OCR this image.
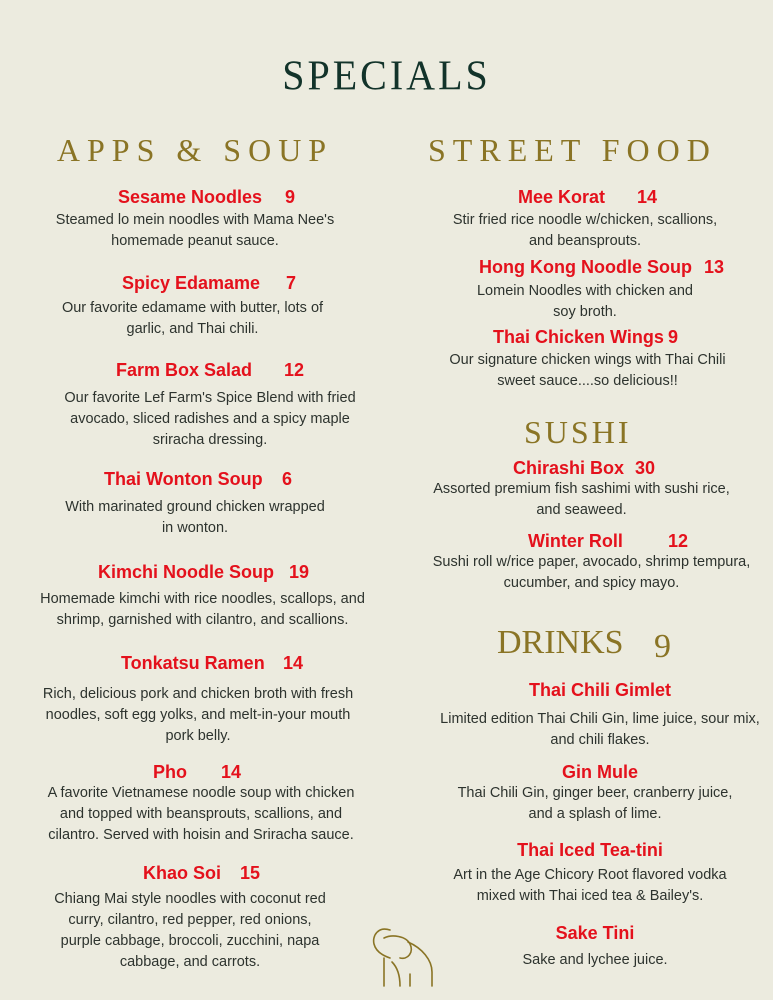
SPECIALS
APPS & SOUP
Sesame Noodles 9
Steamed lo mein noodles with Mama Nee's
homemade peanut sauce.
Spicy Edamame 7
Our favorite edamame with butter, lots of
garlic, and Thai chili.
Farm Box Salad 12
Our favorite Lef Farm's Spice Blend with fried
avocado, sliced radishes and a spicy maple
sriracha dressing.
Thai Wonton Soup 6
With marinated ground chicken wrapped
in wonton.
Kimchi Noodle Soup 19
Homemade kimchi with rice noodles, scallops, and
shrimp, garnished with cilantro, and scallions.
Tonkatsu Ramen 14
Rich, delicious pork and chicken broth with fresh
noodles, soft egg yolks, and melt-in-your mouth
pork belly.
Pho 14
A favorite Vietnamese noodle soup with chicken
and topped with beansprouts, scallions, and
cilantro. Served with hoisin and Sriracha sauce.
Khao Soi 15
Chiang Mai style noodles with coconut red
curry, cilantro, red pepper, red onions,
purple cabbage, broccoli, zucchini, napa
cabbage, and carrots.
STREET FOOD
Mee Korat 14
Stir fried rice noodle w/chicken, scallions,
and beansprouts.
Hong Kong Noodle Soup 13
Lomein Noodles with chicken and
soy broth.
Thai Chicken Wings 9
Our signature chicken wings with Thai Chili
sweet sauce....so delicious!!
SUSHI
Chirashi Box 30
Assorted premium fish sashimi with sushi rice,
and seaweed.
Winter Roll	12
Sushi roll w/rice paper, avocado, shrimp tempura,
cucumber, and spicy mayo.
DRINKS 9
Thai Chili Gimlet
Limited edition Thai Chili Gin, lime juice, sour mix,
and chili flakes.
Gin Mule
Thai Chili Gin, ginger beer, cranberry juice,
and a splash of lime.
Thai Iced Tea-tini
Art in the Age Chicory Root flavored vodka
mixed with Thai iced tea & Bailey's.
Sake Tini
Sake and lychee juice.
